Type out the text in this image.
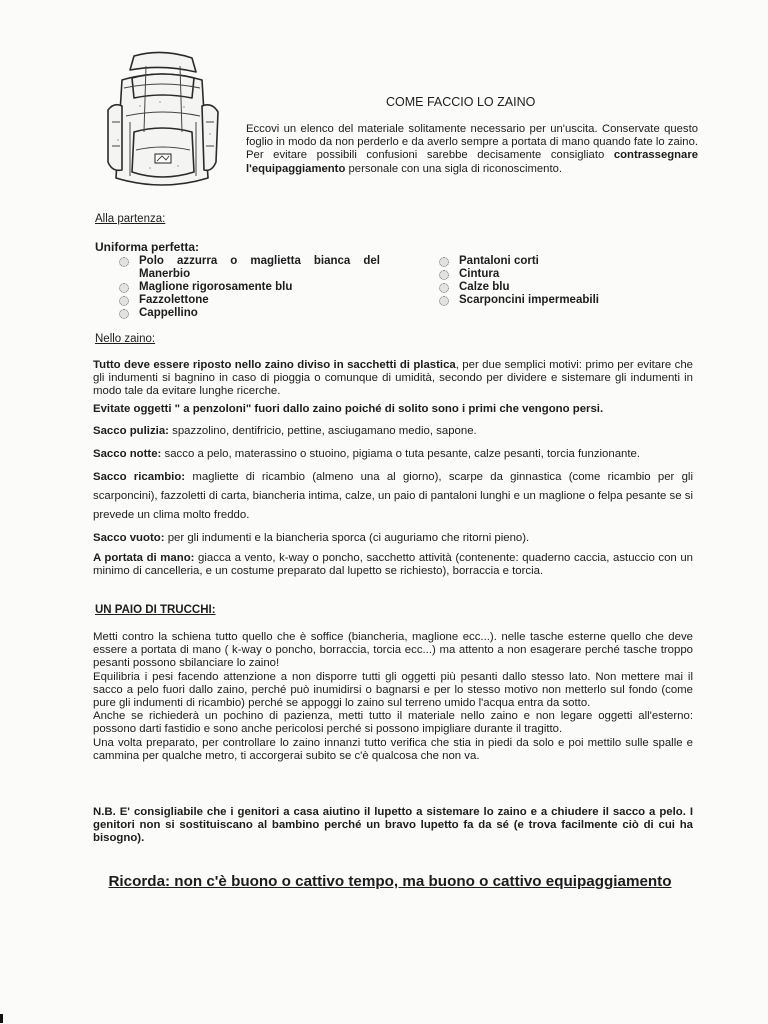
COME FACCIO LO ZAINO

Eccovi un elenco del materiale solitamente necessario per un'uscita. Conservate questo foglio in modo da non perderlo e da averlo sempre a portata di mano quando fate lo zaino. Per evitare possibili confusioni sarebbe decisamente consigliato contrassegnare l'equipaggiamento personale con una sigla di riconoscimento.

Alla partenza:
Uniforma perfetta:
Polo azzurra o maglietta bianca del Manerbio
Maglione rigorosamente blu
Fazzolettone
Cappellino
Pantaloni corti
Cintura
Calze blu
Scarponcini impermeabili
Nello zaino:

Tutto deve essere riposto nello zaino diviso in sacchetti di plastica, per due semplici motivi: primo per evitare che gli indumenti si bagnino in caso di pioggia o comunque di umidità, secondo per dividere e sistemare gli indumenti in modo tale da evitare lunghe ricerche.

Evitate oggetti " a penzoloni" fuori dallo zaino poiché di solito sono i primi che vengono persi.

Sacco pulizia: spazzolino, dentifricio, pettine, asciugamano medio, sapone.

Sacco notte: sacco a pelo, materassino o stuoino, pigiama o tuta pesante, calze pesanti, torcia funzionante.

Sacco ricambio: magliette di ricambio (almeno una al giorno), scarpe da ginnastica (come ricambio per gli scarponcini), fazzoletti di carta, biancheria intima, calze, un paio di pantaloni lunghi e un maglione o felpa pesante se si prevede un clima molto freddo.

Sacco vuoto: per gli indumenti e la biancheria sporca (ci auguriamo che ritorni pieno).

A portata di mano: giacca a vento, k-way o poncho, sacchetto attività (contenente: quaderno caccia, astuccio con un minimo di cancelleria, e un costume preparato dal lupetto se richiesto), borraccia e torcia.

UN PAIO DI TRUCCHI:

Metti contro la schiena tutto quello che è soffice (biancheria, maglione ecc...). nelle tasche esterne quello che deve essere a portata di mano ( k-way o poncho, borraccia, torcia ecc...) ma attento a non esagerare perché tasche troppo pesanti possono sbilanciare lo zaino!

Equilibria i pesi facendo attenzione a non disporre tutti gli oggetti più pesanti dallo stesso lato. Non mettere mai il sacco a pelo fuori dallo zaino, perché può inumidirsi o bagnarsi e per lo stesso motivo non metterlo sul fondo (come pure gli indumenti di ricambio) perché se appoggi lo zaino sul terreno umido l'acqua entra da sotto.

Anche se richiederà un pochino di pazienza, metti tutto il materiale nello zaino e non legare oggetti all'esterno: possono darti fastidio e sono anche pericolosi perché si possono impigliare durante il tragitto.

Una volta preparato, per controllare lo zaino innanzi tutto verifica che stia in piedi da solo e poi mettilo sulle spalle e cammina per qualche metro, ti accorgerai subito se c'è qualcosa che non va.

N.B. E' consigliabile che i genitori a casa aiutino il lupetto a sistemare lo zaino e a chiudere il sacco a pelo. I genitori non si sostituiscano al bambino perché un bravo lupetto fa da sé (e trova facilmente ciò di cui ha bisogno).

Ricorda: non c'è buono o cattivo tempo, ma buono o cattivo equipaggiamento
